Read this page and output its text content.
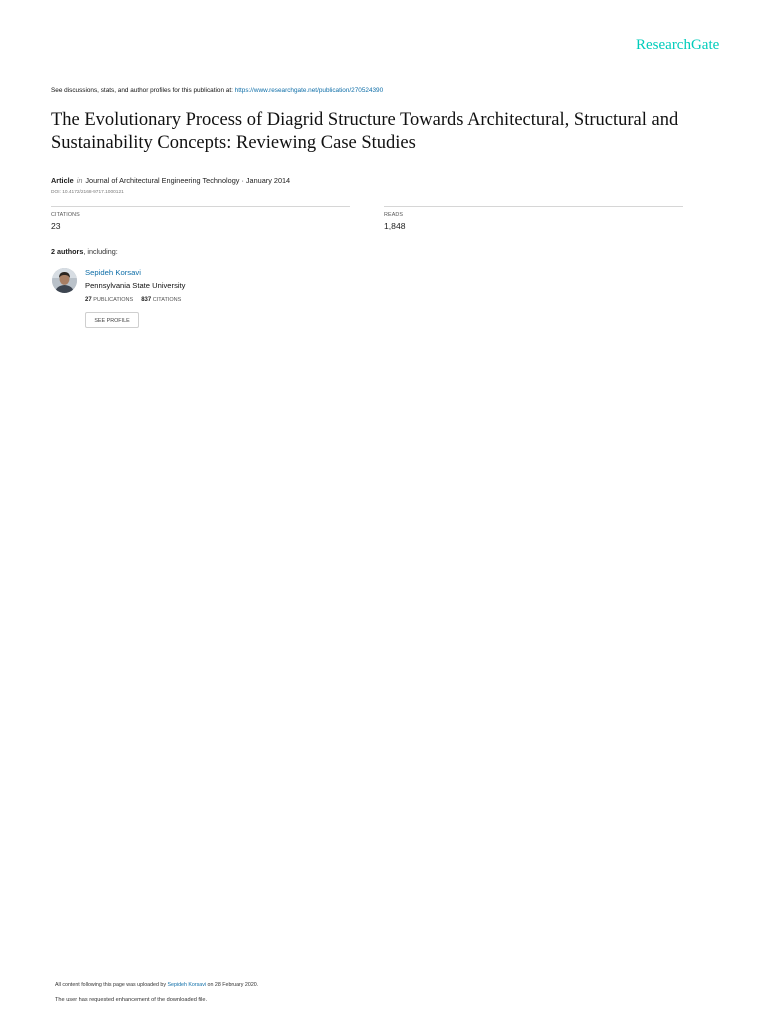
ResearchGate
See discussions, stats, and author profiles for this publication at: https://www.researchgate.net/publication/270524390
The Evolutionary Process of Diagrid Structure Towards Architectural, Structural and Sustainability Concepts: Reviewing Case Studies
Article in Journal of Architectural Engineering Technology · January 2014
DOI: 10.4172/2168-9717.1000121
CITATIONS
23
READS
1,848
2 authors, including:
Sepideh Korsavi
Pennsylvania State University
27 PUBLICATIONS 837 CITATIONS
SEE PROFILE
All content following this page was uploaded by Sepideh Korsavi on 28 February 2020.
The user has requested enhancement of the downloaded file.
